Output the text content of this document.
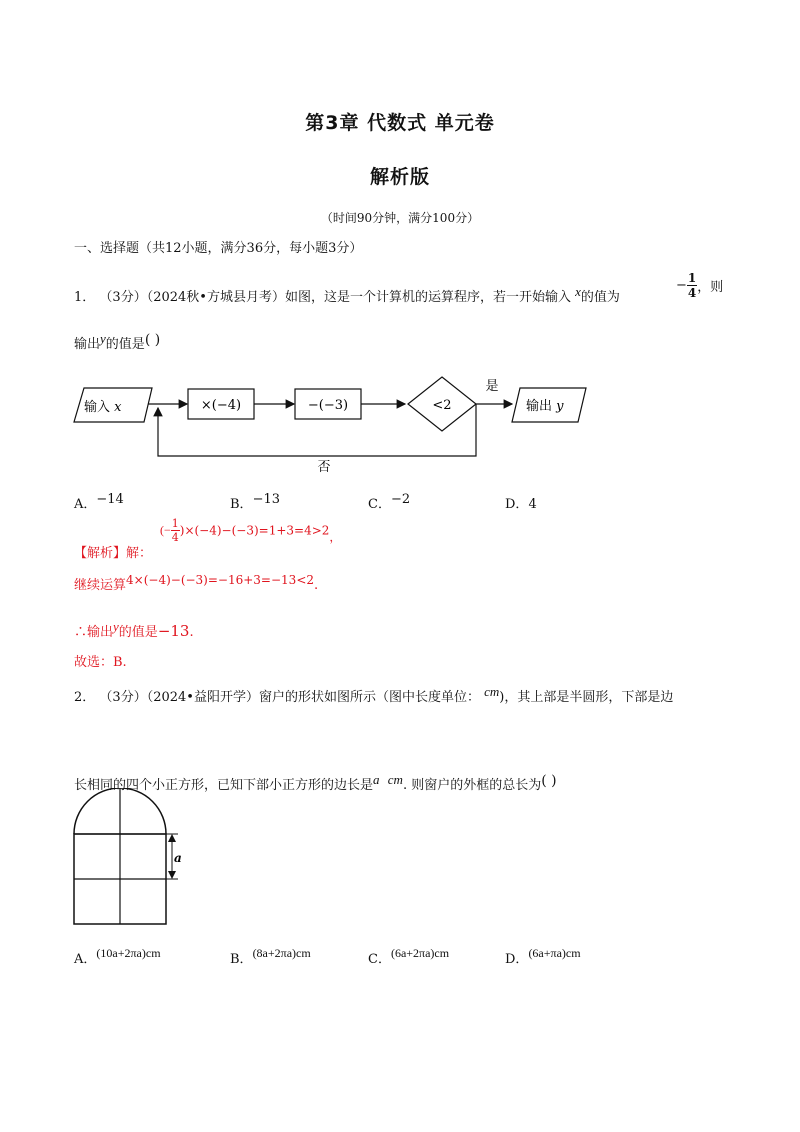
第3章 代数式 单元卷
解析版
（时间90分钟，满分100分）
一、选择题（共12小题，满分36分，每小题3分）
1． （3分）（2024秋•方城县月考）如图，这是一个计算机的运算程序，若一开始输入 x的值为
− $\frac{1}{4}$ ，则
输出y的值是( )
输入 x	×(−4)	−(−3)	<2
是
输出 y
否
A．−14	B．−13	C．−2	D．4
【解析】解：
(− $\frac{1}{4} )\times(-4)-(-3)=1+3=4>2$，
继续运算4×(−4)−(−3)=−16+3=−13<2.
∴输出y的值是−13.
故选：B.
2． （3分）（2024•益阳开学）窗户的形状如图所示（图中长度单位： cm)，其上部是半圆形，下部是边
长相同的四个小正方形，已知下部小正方形的边长是a cm. 则窗户的外框的总长为( )
a
A．(10a+2πa)cm	B．(8a+2πa)cm	C．(6a+2πa)cm	D．(6a+πa)cm
